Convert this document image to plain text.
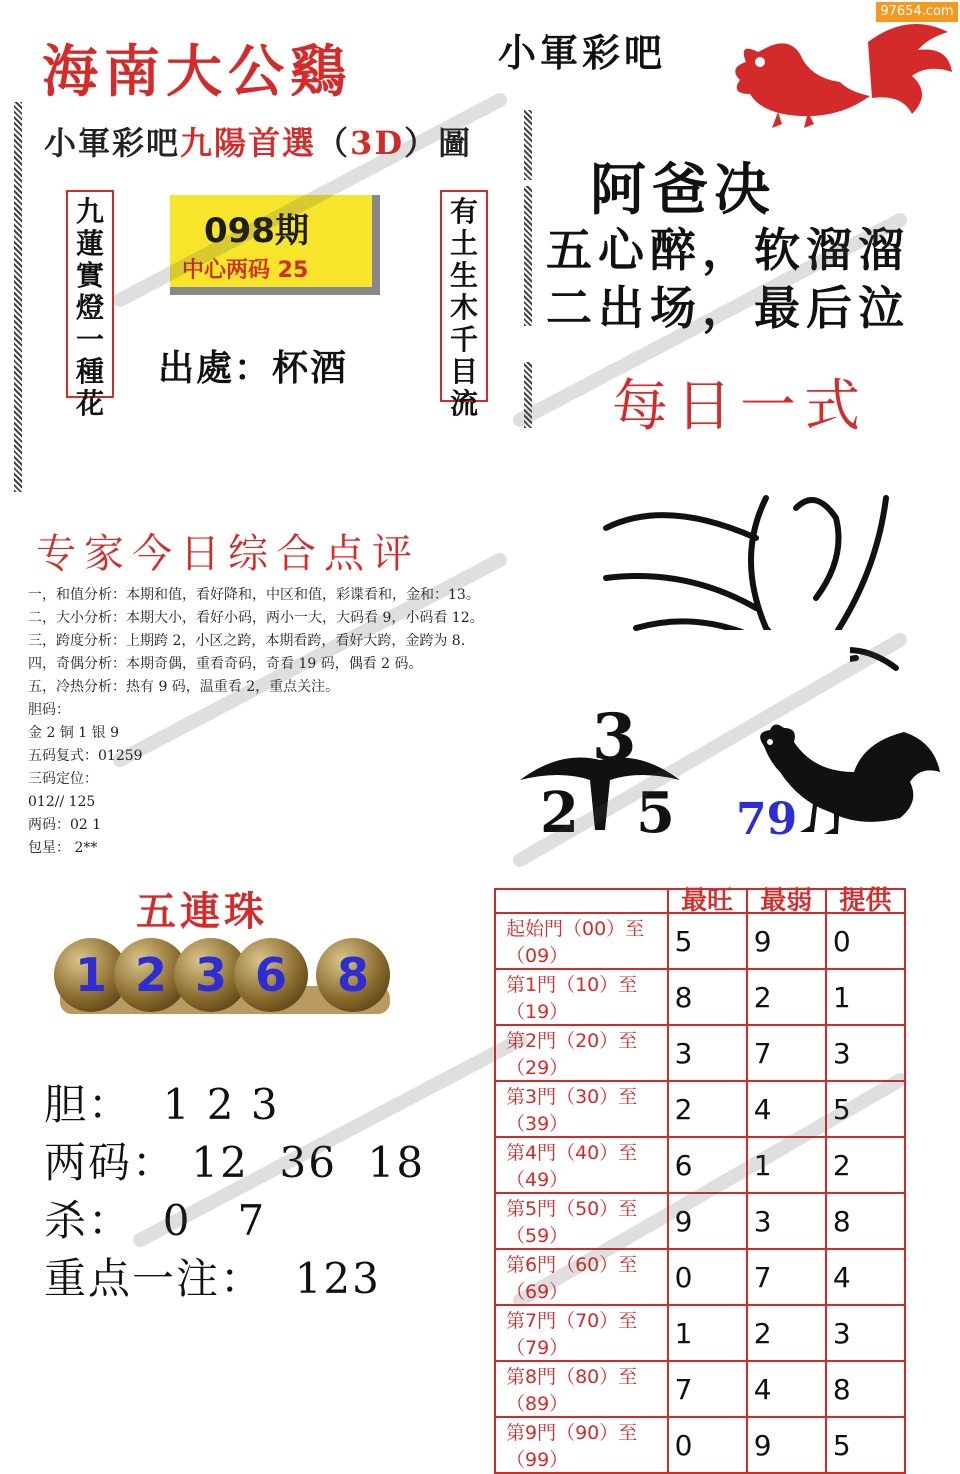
97654.com
海南大公鷄	小軍彩吧
小軍彩吧九陽首選（3D）圖
九蓮實燈一種花
有土生木千目流
098期
中心两码 25
出處：杯酒
阿爸决
五心醉，软溜溜
二出场，最后泣
每日一式
专家今日综合点评
一，和值分析：本期和值，看好降和，中区和值，彩谍看和，金和：13。
二，大小分析：本期大小，看好小码，两小一大，大码看 9，小码看 12。
三，跨度分析：上期跨 2，小区之跨，本期看跨，看好大跨，金跨为 8.
四，奇偶分析：本期奇偶，重看奇码，奇看 19 码，偶看 2 码。
五，冷热分析：热有 9 码，温重看 2，重点关注。
胆码：
金 2 铜 1 银 9
五码复式：01259
三码定位：
012// 125
两码：02 1
包星： 2**
3
2 5 79
五連珠
1 2 3 6	8
胆：  1 2 3
两码： 12  36  18
杀：  0   7
重点一注：  123
	最旺	最弱	提供
起始門（00）至（09）	5	9	0
第1門（10）至（19）	8	2	1
第2門（20）至（29）	3	7	3
第3門（30）至（39）	2	4	5
第4門（40）至（49）	6	1	2
第5門（50）至（59）	9	3	8
第6門（60）至（69）	0	7	4
第7門（70）至（79）	1	2	3
第8門（80）至（89）	7	4	8
第9門（90）至（99）	0	9	5
